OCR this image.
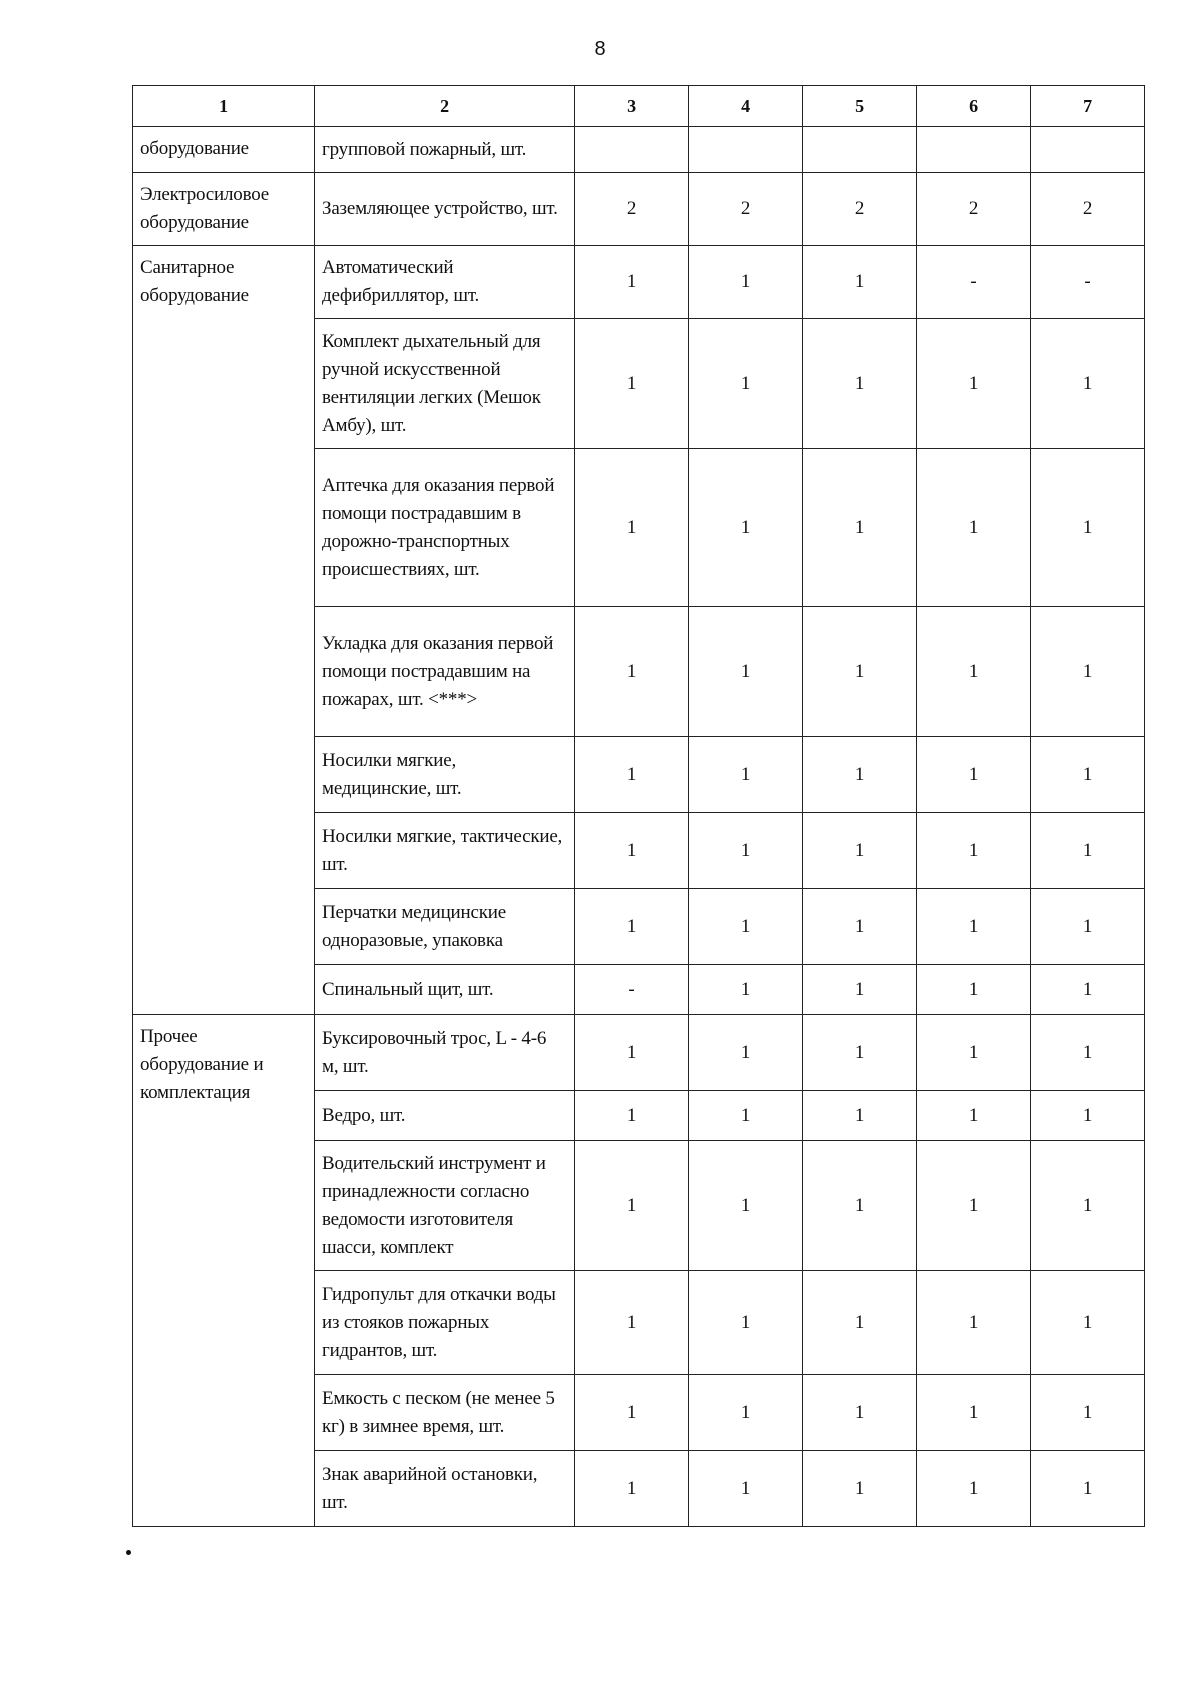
8
1	2	3	4	5	6	7
оборудование	групповой пожарный, шт.					
Электросиловое оборудование	Заземляющее устройство, шт.	2	2	2	2	2
Санитарное оборудование	Автоматический дефибриллятор, шт.	1	1	1	-	-
	Комплект дыхательный для ручной искусственной вентиляции легких (Мешок Амбу), шт.	1	1	1	1	1
	Аптечка для оказания первой помощи пострадавшим в дорожно-транспортных происшествиях, шт.	1	1	1	1	1
	Укладка для оказания первой помощи пострадавшим на пожарах, шт. <***>	1	1	1	1	1
	Носилки мягкие, медицинские, шт.	1	1	1	1	1
	Носилки мягкие, тактические, шт.	1	1	1	1	1
	Перчатки медицинские одноразовые, упаковка	1	1	1	1	1
	Спинальный щит, шт.	-	1	1	1	1
Прочее оборудование и комплектация	Буксировочный трос, L - 4-6 м, шт.	1	1	1	1	1
	Ведро, шт.	1	1	1	1	1
	Водительский инструмент и принадлежности согласно ведомости изготовителя шасси, комплект	1	1	1	1	1
	Гидропульт для откачки воды из стояков пожарных гидрантов, шт.	1	1	1	1	1
	Емкость с песком (не менее 5 кг) в зимнее время, шт.	1	1	1	1	1
	Знак аварийной остановки, шт.	1	1	1	1	1
